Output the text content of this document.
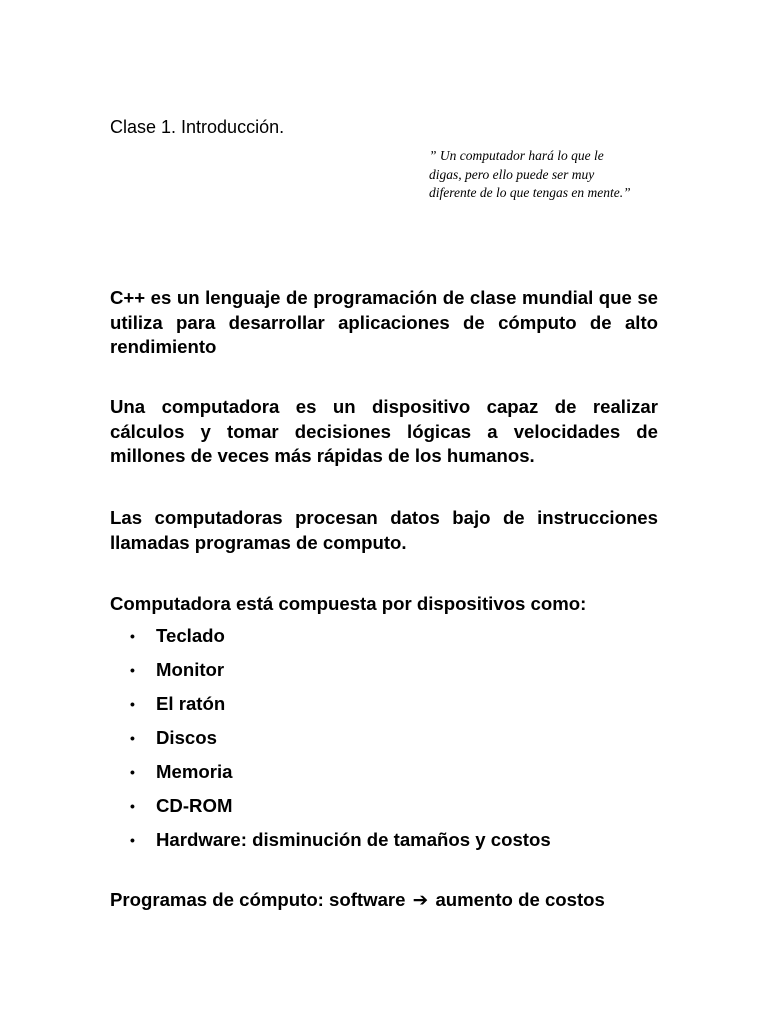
Clase 1. Introducción.

” Un computador hará lo que le digas, pero ello puede ser muy diferente de lo que tengas en mente.”

C++ es un lenguaje de programación de clase mundial que se utiliza para desarrollar aplicaciones de cómputo de alto rendimiento

Una computadora es un dispositivo capaz de realizar cálculos y tomar decisiones lógicas a velocidades de millones de veces más rápidas de los humanos.

Las computadoras procesan datos bajo de instrucciones llamadas programas de computo.

Computadora está compuesta por dispositivos como:

• Teclado
• Monitor
• El ratón
• Discos
• Memoria
• CD-ROM
• Hardware: disminución de tamaños y costos

Programas de cómputo: software ➔ aumento de costos
